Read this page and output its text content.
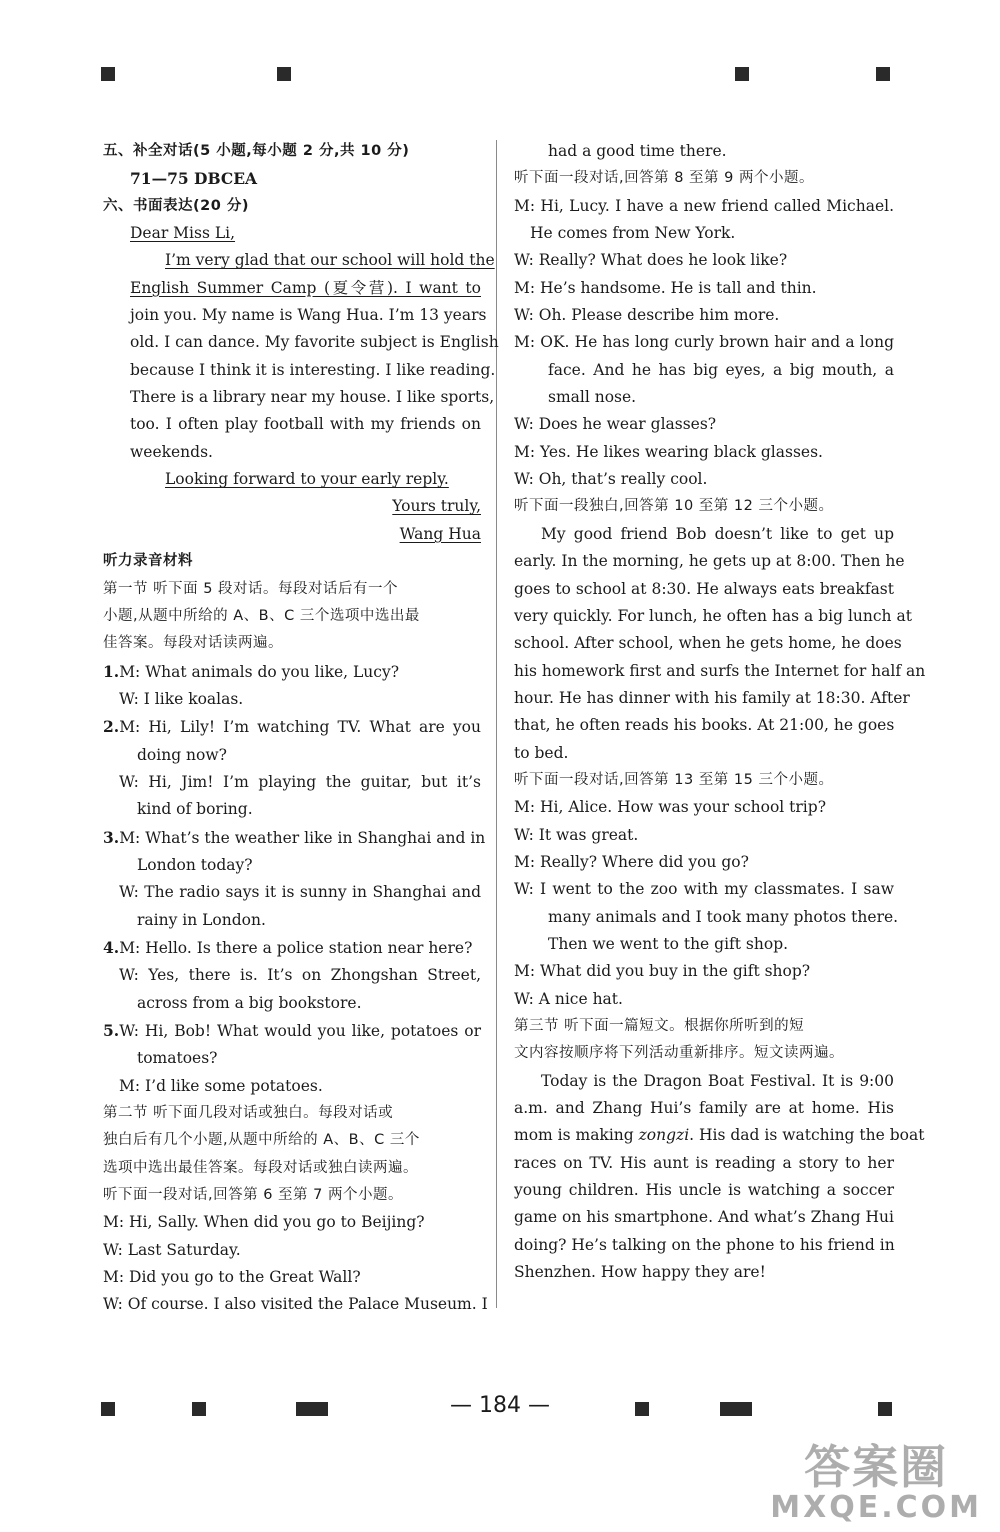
五、补全对话(5 小题,每小题 2 分,共 10 分)
71—75 DBCEA
六、书面表达(20 分)
Dear Miss Li,
I’m very glad that our school will hold the
English Summer Camp (夏令营). I want to
join you. My name is Wang Hua. I’m 13 years
old. I can dance. My favorite subject is English
because I think it is interesting. I like reading.
There is a library near my house. I like sports,
too. I often play football with my friends on
weekends.
Looking forward to your early reply.
Yours truly,
Wang Hua
听力录音材料
第一节 听下面 5 段对话。每段对话后有一个
小题,从题中所给的 A、B、C 三个选项中选出最
佳答案。每段对话读两遍。
1.M: What animals do you like, Lucy?
W: I like koalas.
2.M: Hi, Lily! I’m watching TV. What are you
doing now?
W: Hi, Jim! I’m playing the guitar, but it’s
kind of boring.
3.M: What’s the weather like in Shanghai and in
London today?
W: The radio says it is sunny in Shanghai and
rainy in London.
4.M: Hello. Is there a police station near here?
W: Yes, there is. It’s on Zhongshan Street,
across from a big bookstore.
5.W: Hi, Bob! What would you like, potatoes or
tomatoes?
M: I’d like some potatoes.
第二节 听下面几段对话或独白。每段对话或
独白后有几个小题,从题中所给的 A、B、C 三个
选项中选出最佳答案。每段对话或独白读两遍。
听下面一段对话,回答第 6 至第 7 两个小题。
M: Hi, Sally. When did you go to Beijing?
W: Last Saturday.
M: Did you go to the Great Wall?
W: Of course. I also visited the Palace Museum. I
had a good time there.
听下面一段对话,回答第 8 至第 9 两个小题。
M: Hi, Lucy. I have a new friend called Michael.
He comes from New York.
W: Really? What does he look like?
M: He’s handsome. He is tall and thin.
W: Oh. Please describe him more.
M: OK. He has long curly brown hair and a long
face. And he has big eyes, a big mouth, a
small nose.
W: Does he wear glasses?
M: Yes. He likes wearing black glasses.
W: Oh, that’s really cool.
听下面一段独白,回答第 10 至第 12 三个小题。
My good friend Bob doesn’t like to get up
early. In the morning, he gets up at 8:00. Then he
goes to school at 8:30. He always eats breakfast
very quickly. For lunch, he often has a big lunch at
school. After school, when he gets home, he does
his homework first and surfs the Internet for half an
hour. He has dinner with his family at 18:30. After
that, he often reads his books. At 21:00, he goes
to bed.
听下面一段对话,回答第 13 至第 15 三个小题。
M: Hi, Alice. How was your school trip?
W: It was great.
M: Really? Where did you go?
W: I went to the zoo with my classmates. I saw
many animals and I took many photos there.
Then we went to the gift shop.
M: What did you buy in the gift shop?
W: A nice hat.
第三节 听下面一篇短文。根据你所听到的短
文内容按顺序将下列活动重新排序。短文读两遍。
Today is the Dragon Boat Festival. It is 9:00
a.m. and Zhang Hui’s family are at home. His
mom is making zongzi. His dad is watching the boat
races on TV. His aunt is reading a story to her
young children. His uncle is watching a soccer
game on his smartphone. And what’s Zhang Hui
doing? He’s talking on the phone to his friend in
Shenzhen. How happy they are!
— 184 —
答案圈
MXQE.COM
